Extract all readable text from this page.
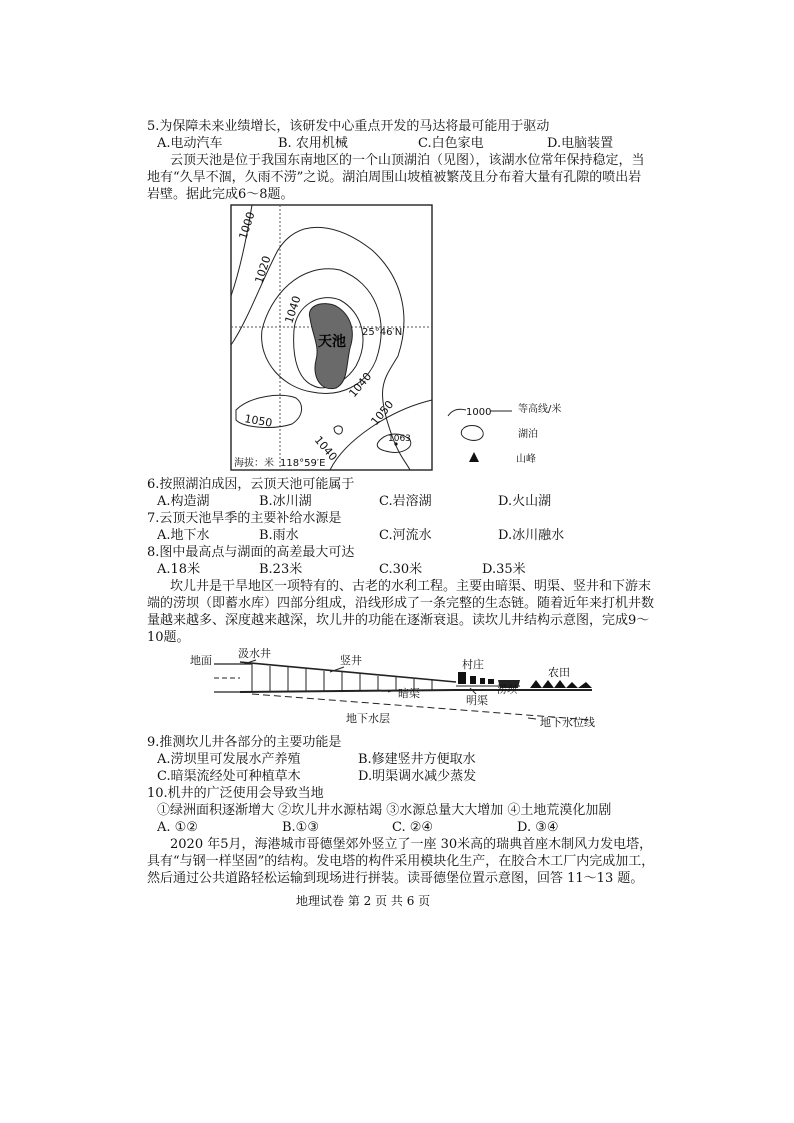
5.为保障未来业绩增长，该研发中心重点开发的马达将最可能用于驱动
A.电动汽车	B. 农用机械	C.白色家电	D.电脑装置
云顶天池是位于我国东南地区的一个山顶湖泊（见图），该湖水位常年保持稳定，当
地有“久旱不涸，久雨不涝”之说。湖泊周围山坡植被繁茂且分布着大量有孔隙的喷出岩
岩壁。据此完成6～8题。
1000
1020
1040
1040
1040
1050
1050
1063
25°46′N
海拔：米 118°59′E
天池
1000	等高线/米
湖泊
山峰
6.按照湖泊成因，云顶天池可能属于
A.构造湖	B.冰川湖	C.岩溶湖	D.火山湖
7.云顶天池旱季的主要补给水源是
A.地下水	B.雨水	C.河流水	D.冰川融水
8.图中最高点与湖面的高差最大可达
A.18米	B.23米	C.30米	D.35米
坎儿井是干旱地区一项特有的、古老的水利工程。主要由暗渠、明渠、竖井和下游末
端的涝坝（即蓄水库）四部分组成，沿线形成了一条完整的生态链。随着近年来打机井数
量越来越多、深度越来越深，坎儿井的功能在逐渐衰退。读坎儿井结构示意图，完成9～
10题。
地面
汲水井
竖井	村庄
涝坝
农田
暗渠
明渠
地下水层	地下水位线
9.推测坎儿井各部分的主要功能是
A.涝坝里可发展水产养殖	B.修建竖井方便取水
C.暗渠流经处可种植草木	D.明渠调水减少蒸发
10.机井的广泛使用会导致当地
①绿洲面积逐渐增大 ②坎儿井水源枯竭 ③水源总量大大增加 ④土地荒漠化加剧
A. ①②	B.①③	C. ②④	D. ③④
2020 年5月，海港城市哥德堡郊外竖立了一座 30米高的瑞典首座木制风力发电塔，
具有“与钢一样坚固”的结构。发电塔的构件采用模块化生产，在胶合木工厂内完成加工，
然后通过公共道路轻松运输到现场进行拼装。读哥德堡位置示意图，回答 11～13 题。
地理试卷 第 2 页 共 6 页
